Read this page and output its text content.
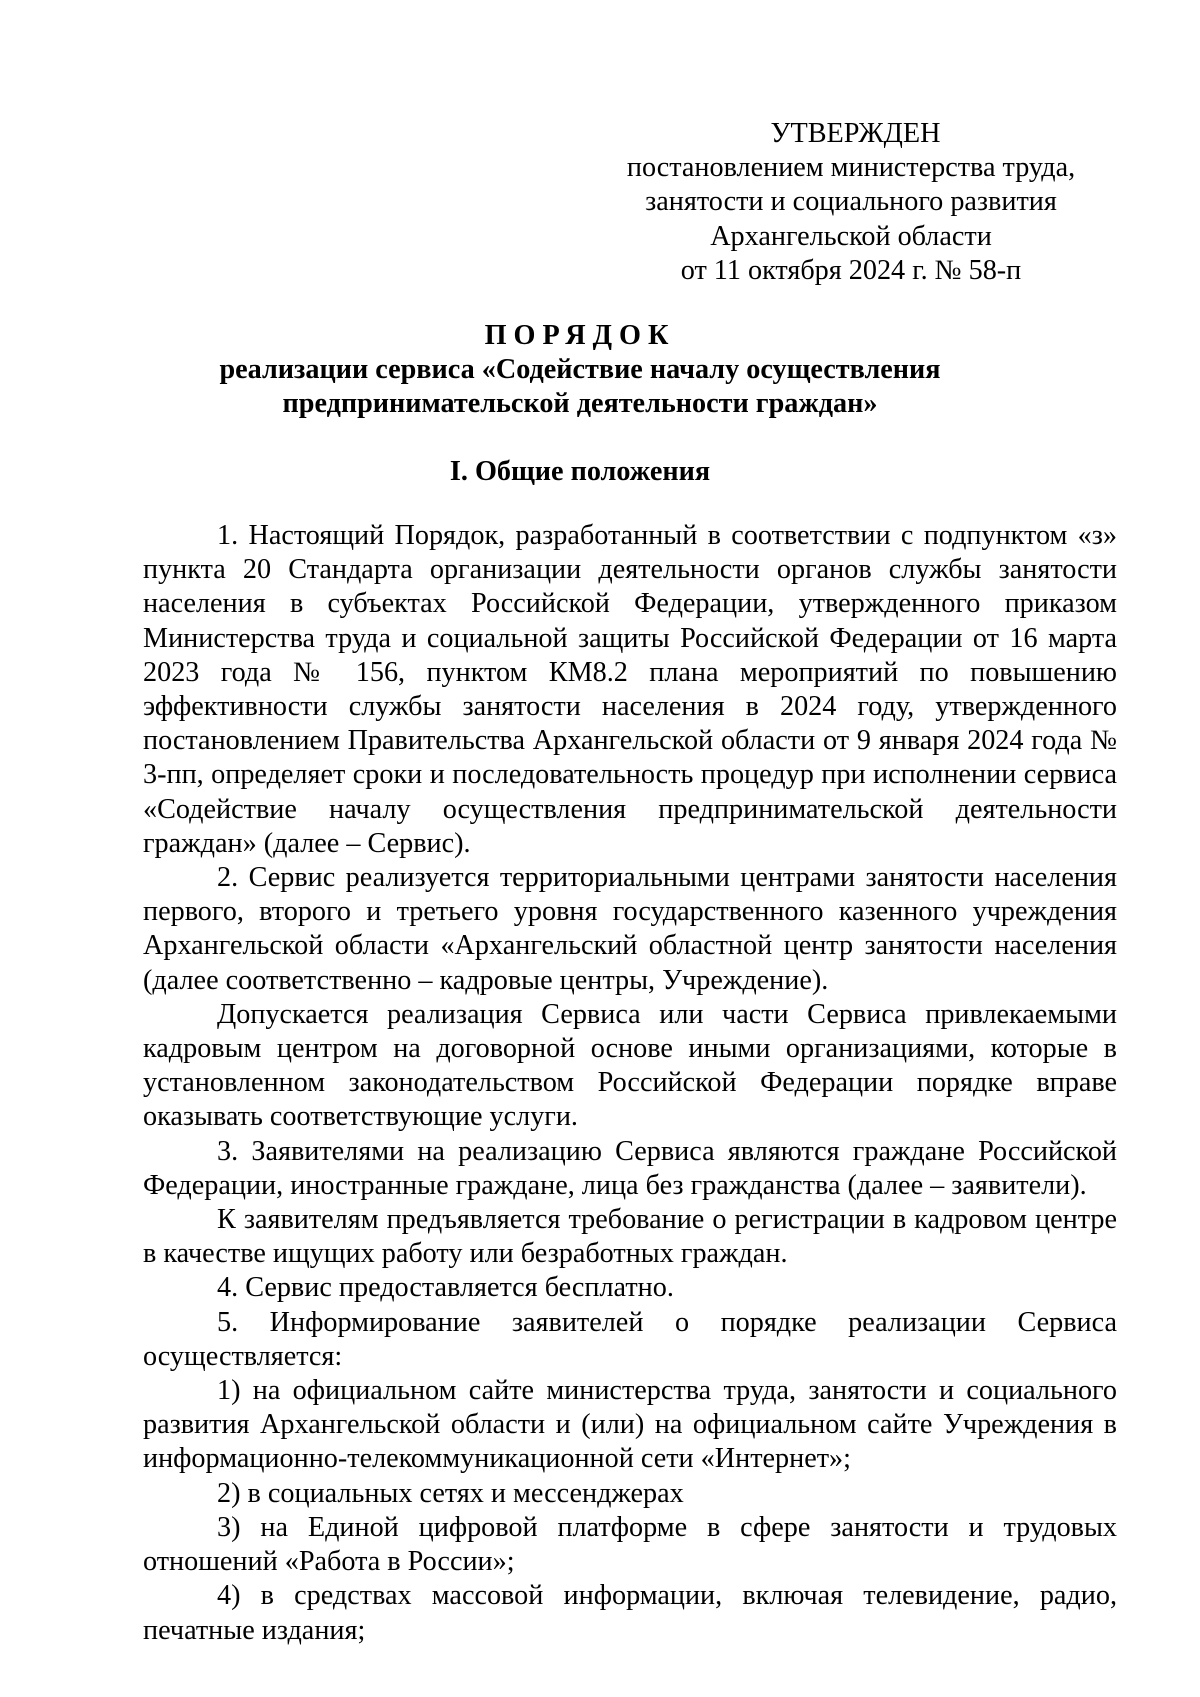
УТВЕРЖДЕН
постановлением министерства труда,
занятости и социального развития
Архангельской области
от 11 октября 2024 г. № 58-п
ПОРЯДОК
реализации сервиса «Содействие началу осуществления
предпринимательской деятельности граждан»
I. Общие положения

1. Настоящий Порядок, разработанный в соответствии с подпунктом «з» пункта 20 Стандарта организации деятельности органов службы занятости населения в субъектах Российской Федерации, утвержденного приказом Министерства труда и социальной защиты Российской Федерации от 16 марта 2023 года № 156, пунктом КМ8.2 плана мероприятий по повышению эффективности службы занятости населения в 2024 году, утвержденного постановлением Правительства Архангельской области от 9 января 2024 года № 3-пп, определяет сроки и последовательность процедур при исполнении сервиса «Содействие началу осуществления предпринимательской деятельности граждан» (далее – Сервис).

2. Сервис реализуется территориальными центрами занятости населения первого, второго и третьего уровня государственного казенного учреждения Архангельской области «Архангельский областной центр занятости населения (далее соответственно – кадровые центры, Учреждение).

Допускается реализация Сервиса или части Сервиса привлекаемыми кадровым центром на договорной основе иными организациями, которые в установленном законодательством Российской Федерации порядке вправе оказывать соответствующие услуги.

3. Заявителями на реализацию Сервиса являются граждане Российской Федерации, иностранные граждане, лица без гражданства (далее – заявители).

К заявителям предъявляется требование о регистрации в кадровом центре в качестве ищущих работу или безработных граждан.

4. Сервис предоставляется бесплатно.

5. Информирование заявителей о порядке реализации Сервиса осуществляется:

1) на официальном сайте министерства труда, занятости и социального развития Архангельской области и (или) на официальном сайте Учреждения в информационно-телекоммуникационной сети «Интернет»;

2) в социальных сетях и мессенджерах

3) на Единой цифровой платформе в сфере занятости и трудовых отношений «Работа в России»;

4) в средствах массовой информации, включая телевидение, радио, печатные издания;
